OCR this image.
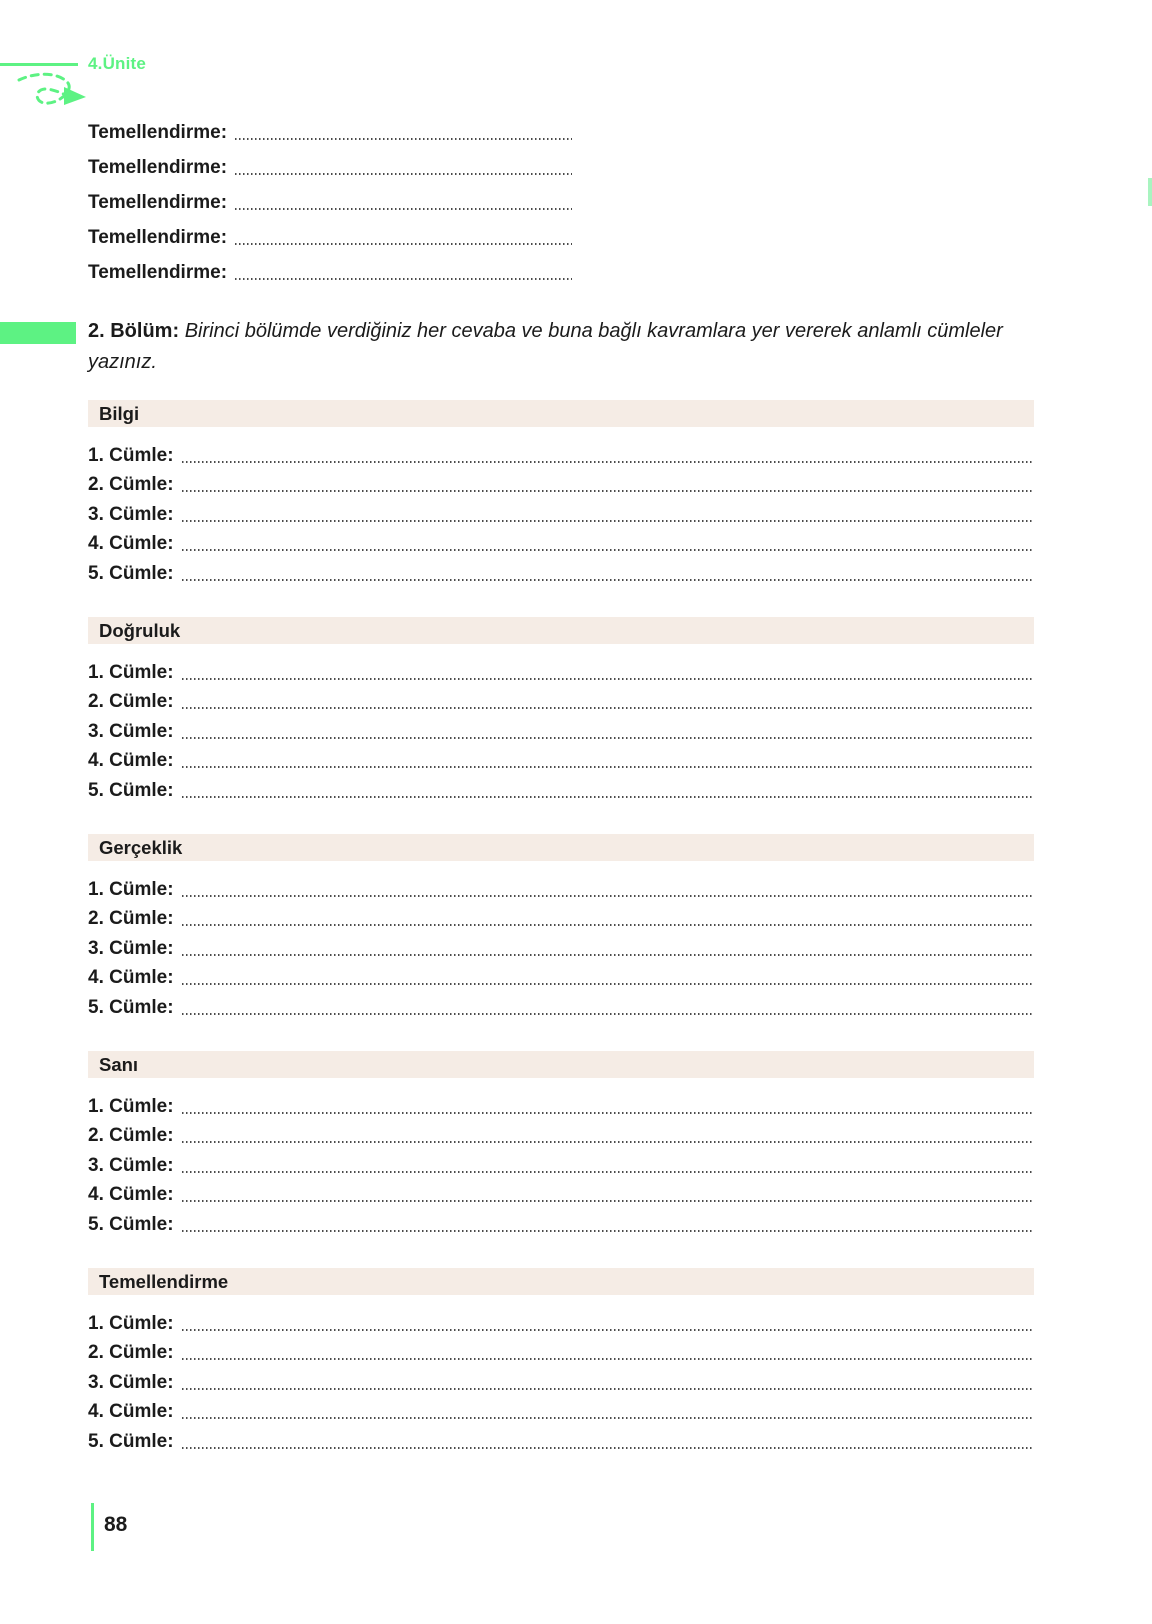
4.Ünite
Temellendirme:
Temellendirme:
Temellendirme:
Temellendirme:
Temellendirme:
2. Bölüm: Birinci bölümde verdiğiniz her cevaba ve buna bağlı kavramlara yer vererek anlamlı cümleler yazınız.
Bilgi
1. Cümle:
2. Cümle:
3. Cümle:
4. Cümle:
5. Cümle:
Doğruluk
1. Cümle:
2. Cümle:
3. Cümle:
4. Cümle:
5. Cümle:
Gerçeklik
1. Cümle:
2. Cümle:
3. Cümle:
4. Cümle:
5. Cümle:
Sanı
1. Cümle:
2. Cümle:
3. Cümle:
4. Cümle:
5. Cümle:
Temellendirme
1. Cümle:
2. Cümle:
3. Cümle:
4. Cümle:
5. Cümle:
88
